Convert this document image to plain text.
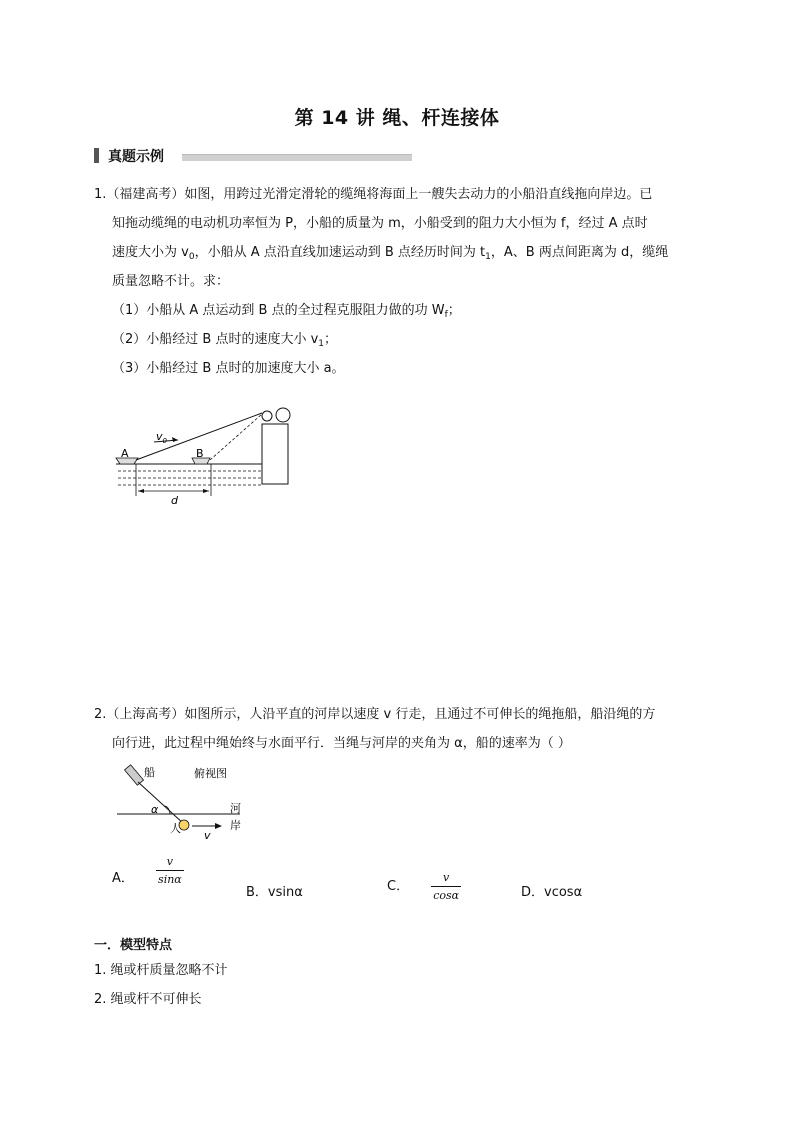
第 14 讲 绳、杆连接体
真题示例
1.（福建高考）如图，用跨过光滑定滑轮的缆绳将海面上一艘失去动力的小船沿直线拖向岸边。已
知拖动缆绳的电动机功率恒为 P，小船的质量为 m，小船受到的阻力大小恒为 f，经过 A 点时
速度大小为 $v_0$，小船从 A 点沿直线加速运动到 B 点经历时间为 $t_1$，A、B 两点间距离为 d，缆绳
质量忽略不计。求：
（1）小船从 A 点运动到 B 点的全过程克服阻力做的功 $W_f$；
（2）小船经过 B 点时的速度大小 $v_1$；
（3）小船经过 B 点时的加速度大小 a。
$v_0$
A	B
d
2.（上海高考）如图所示，人沿平直的河岸以速度 v 行走，且通过不可伸长的绳拖船，船沿绳的方
向行进，此过程中绳始终与水面平行．当绳与河岸的夹角为 α，船的速率为（ ）
船	俯视图
河
岸
人
α
v
A． $\frac{v}{\sin\alpha}$
B．vsinα	C． $\frac{v}{\cos\alpha}$	D．vcosα
一．模型特点
1. 绳或杆质量忽略不计
2. 绳或杆不可伸长
